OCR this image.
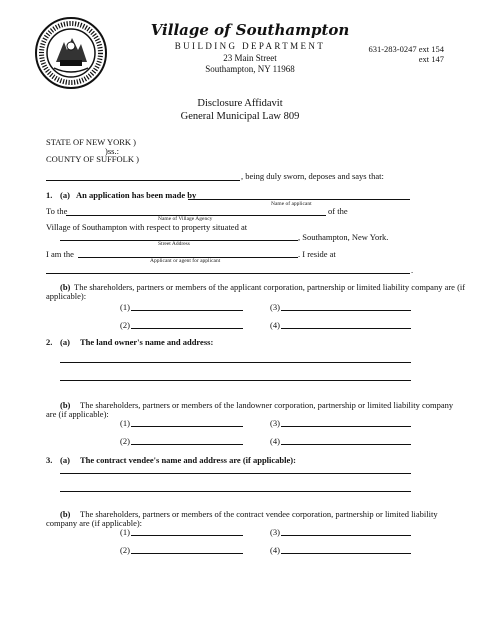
Village of Southampton
BUILDING DEPARTMENT
23 Main Street
Southampton, NY 11968
631-283-0247 ext 154
ext 147
Disclosure Affidavit
General Municipal Law 809
STATE OF NEW YORK )
)ss.:
COUNTY OF SUFFOLK )
, being duly sworn, deposes and says that:
1. (a) An application has been made by
Name of applicant
To the	of the
Name of Village Agency
Village of Southampton with respect to property situated at
, Southampton, New York.
Street Address
I am the	. I reside at
Applicant or agent for applicant
.
(b) The shareholders, partners or members of the applicant corporation, partnership or limited liability company are (if
applicable):
(1)	(3)
(2)	(4)
2. (a) The land owner's name and address:
(b) The shareholders, partners or members of the landowner corporation, partnership or limited liability company
are (if applicable):
(1)	(3)
(2)	(4)
3. (a) The contract vendee's name and address are (if applicable):
(b) The shareholders, partners or members of the contract vendee corporation, partnership or limited liability
company are (if applicable):
(1)	(3)
(2)	(4)
